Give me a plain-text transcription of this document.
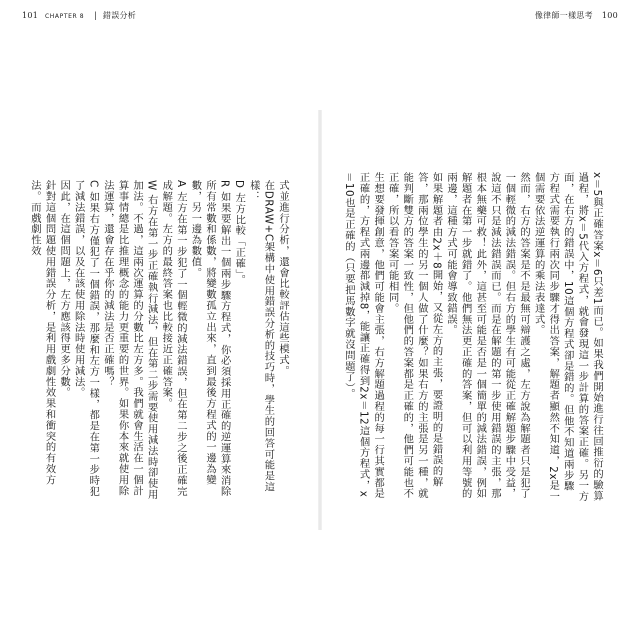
101 CHAPTER 8 | 錯誤分析	像律師一樣思考 100

式並進行分析，還會比較評估這些模式。

在DRAW+C架構中使用錯誤分析的技巧時，學生的回答可能是這樣：

D 左方比較「正確」。

R 如果要解出一個兩步驟方程式，你必須採用正確的逆運算來消除所有常數和係數，將變數孤立出來，直到最後方程式的一邊為變數，另一邊為數值。

A 左方在第一步犯了一個輕微的減法錯誤，但在第二步之後正確完成解題。左方的最終答案也比較接近正確答案。

W 右方在第一步正確執行減法，但在第二步需要使用減法時卻使用加法。不過，這兩次運算的分數比左方多。我們就會生活在一個計算事情總是比推理概念的能力更重要的世界。如果你本來就使用除法運算，還會存在乎你的減法是否正確嗎？

C 如果右方僅犯了一個錯誤，那麼和左方一樣，都是在第一步時犯了減法錯誤，以及在該使用除法時使用減法。

因此，在這個問題上，左方應該得更多分數。

針對這個問題使用錯誤分析，是利用戲劇性效果和衝突的有效方法。而戲劇性效	x＝5與正確答案x＝6只差1而已。如果我們開始進行往回推衍的驗算過程，將x＝5代入方程式，就會發現這一步計算的答案正確。另一方面，在右方的錯誤中，10這個方程式卻是錯的。但他不知道兩步驟方程式需要執行兩次同步驟才得出答案，解題者顯然不知道，2x是一個需要依法逆運算的乘法表達式。

然而，右方的答案是不是最無可辯護之處，左方說為解題者只是犯了一個輕微的減法錯誤。但右方的學生有可能從正確解題步驟中受益，說這不只是減法錯誤而已。而是在解題的第一步使用錯誤的主張，那根本無藥可救！此外，這甚至可能是否是一個簡單的減法錯誤，例如解題者在第一步就錯了。他們無法更正確的答案，但可以利用等號的兩邊，這種方式可能會導致錯誤。

如果解題者由2x＋8開始，又從左方的主張，要證明的是錯誤的解答，那兩位學生的另一個人做了什麼？如果右方的主張是另一種，就能判斷雙方的答案一致性，但他們的答案都是正確的，他們可能也不正確，所以看答案可能相同。

生想要發揮創意，他們可能會主張，右方解題過程的每一行其實都是正確的，方程式兩邊都減掉8，能讓正確得到2x＝12這個方程式，x＝10也是正確的（只要把馬數字就沒問題了）。
